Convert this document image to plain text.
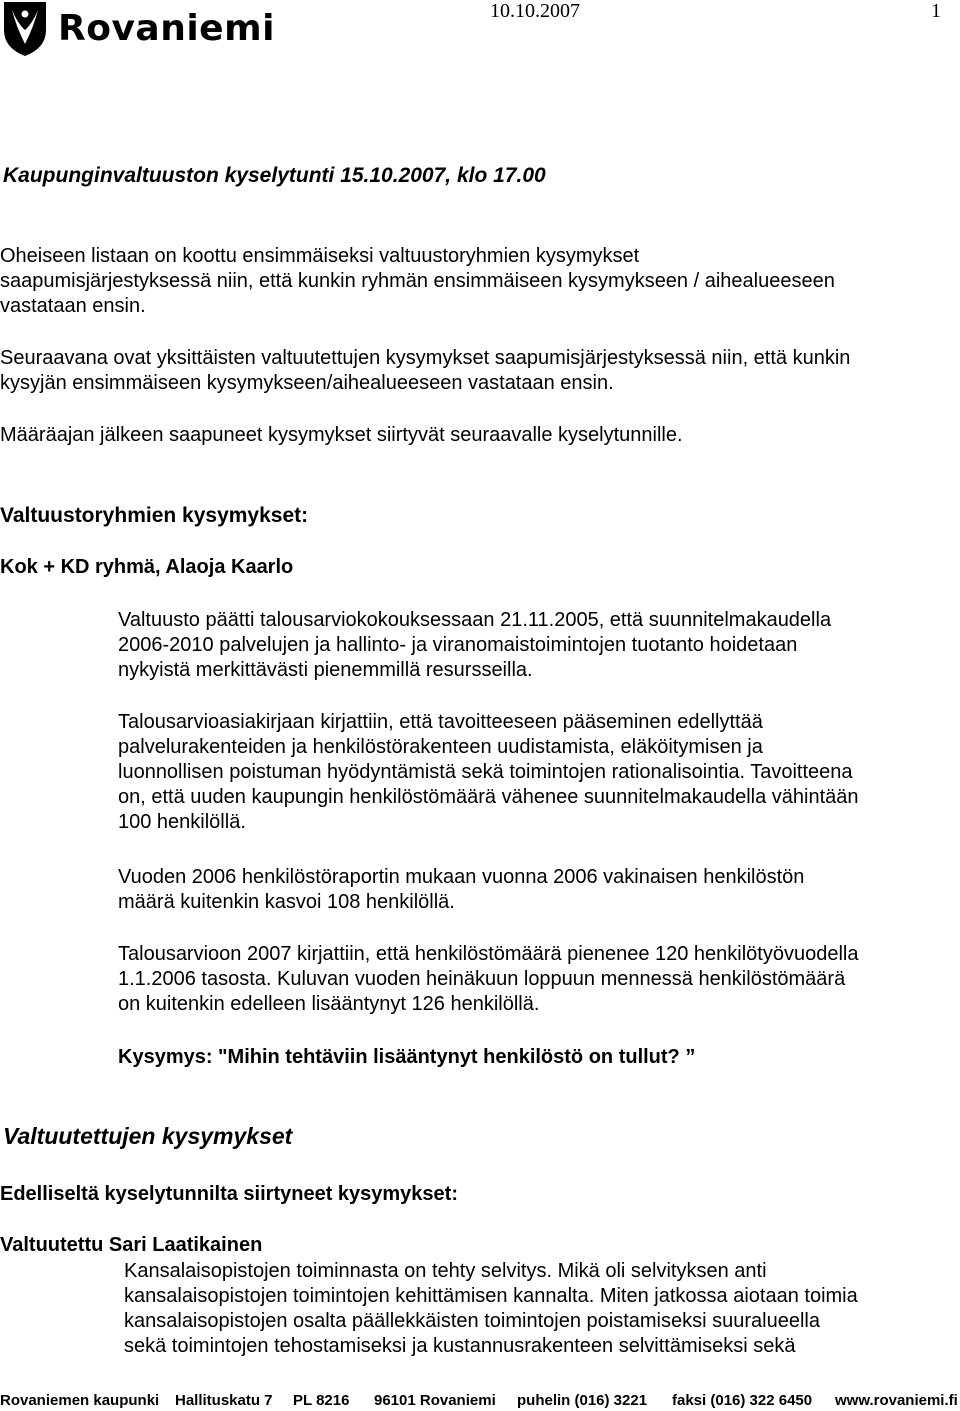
Rovaniemi	10.10.2007	1
Kaupunginvaltuuston kyselytunti 15.10.2007, klo 17.00
Oheiseen listaan on koottu ensimmäiseksi valtuustoryhmien kysymykset
saapumisjärjestyksessä niin, että kunkin ryhmän ensimmäiseen kysymykseen / aihealueeseen
vastataan ensin.
Seuraavana ovat yksittäisten valtuutettujen kysymykset saapumisjärjestyksessä niin, että kunkin
kysyjän ensimmäiseen kysymykseen/aihealueeseen vastataan ensin.
Määräajan jälkeen saapuneet kysymykset siirtyvät seuraavalle kyselytunnille.
Valtuustoryhmien kysymykset:
Kok + KD ryhmä, Alaoja Kaarlo
Valtuusto päätti talousarviokokouksessaan 21.11.2005, että suunnitelmakaudella
2006-2010 palvelujen ja hallinto- ja viranomaistoimintojen tuotanto hoidetaan
nykyistä merkittävästi pienemmillä resursseilla.
Talousarvioasiakirjaan kirjattiin, että tavoitteeseen pääseminen edellyttää
palvelurakenteiden ja henkilöstörakenteen uudistamista, eläköitymisen ja
luonnollisen poistuman hyödyntämistä sekä toimintojen rationalisointia. Tavoitteena
on, että uuden kaupungin henkilöstömäärä vähenee suunnitelmakaudella vähintään
100 henkilöllä.
Vuoden 2006 henkilöstöraportin mukaan vuonna 2006 vakinaisen henkilöstön
määrä kuitenkin kasvoi 108 henkilöllä.
Talousarvioon 2007 kirjattiin, että henkilöstömäärä pienenee 120 henkilötyövuodella
1.1.2006 tasosta. Kuluvan vuoden heinäkuun loppuun mennessä henkilöstömäärä
on kuitenkin edelleen lisääntynyt 126 henkilöllä.
Kysymys: "Mihin tehtäviin lisääntynyt henkilöstö on tullut? ”
Valtuutettujen kysymykset
Edelliseltä kyselytunnilta siirtyneet kysymykset:
Valtuutettu Sari Laatikainen
Kansalaisopistojen toiminnasta on tehty selvitys. Mikä oli selvityksen anti
kansalaisopistojen toimintojen kehittämisen kannalta. Miten jatkossa aiotaan toimia
kansalaisopistojen osalta päällekkäisten toimintojen poistamiseksi suuralueella
sekä toimintojen tehostamiseksi ja kustannusrakenteen selvittämiseksi sekä
Rovaniemen kaupunki Hallituskatu 7 PL 8216 96101 Rovaniemi puhelin (016) 3221 faksi (016) 322 6450 www.rovaniemi.fi
